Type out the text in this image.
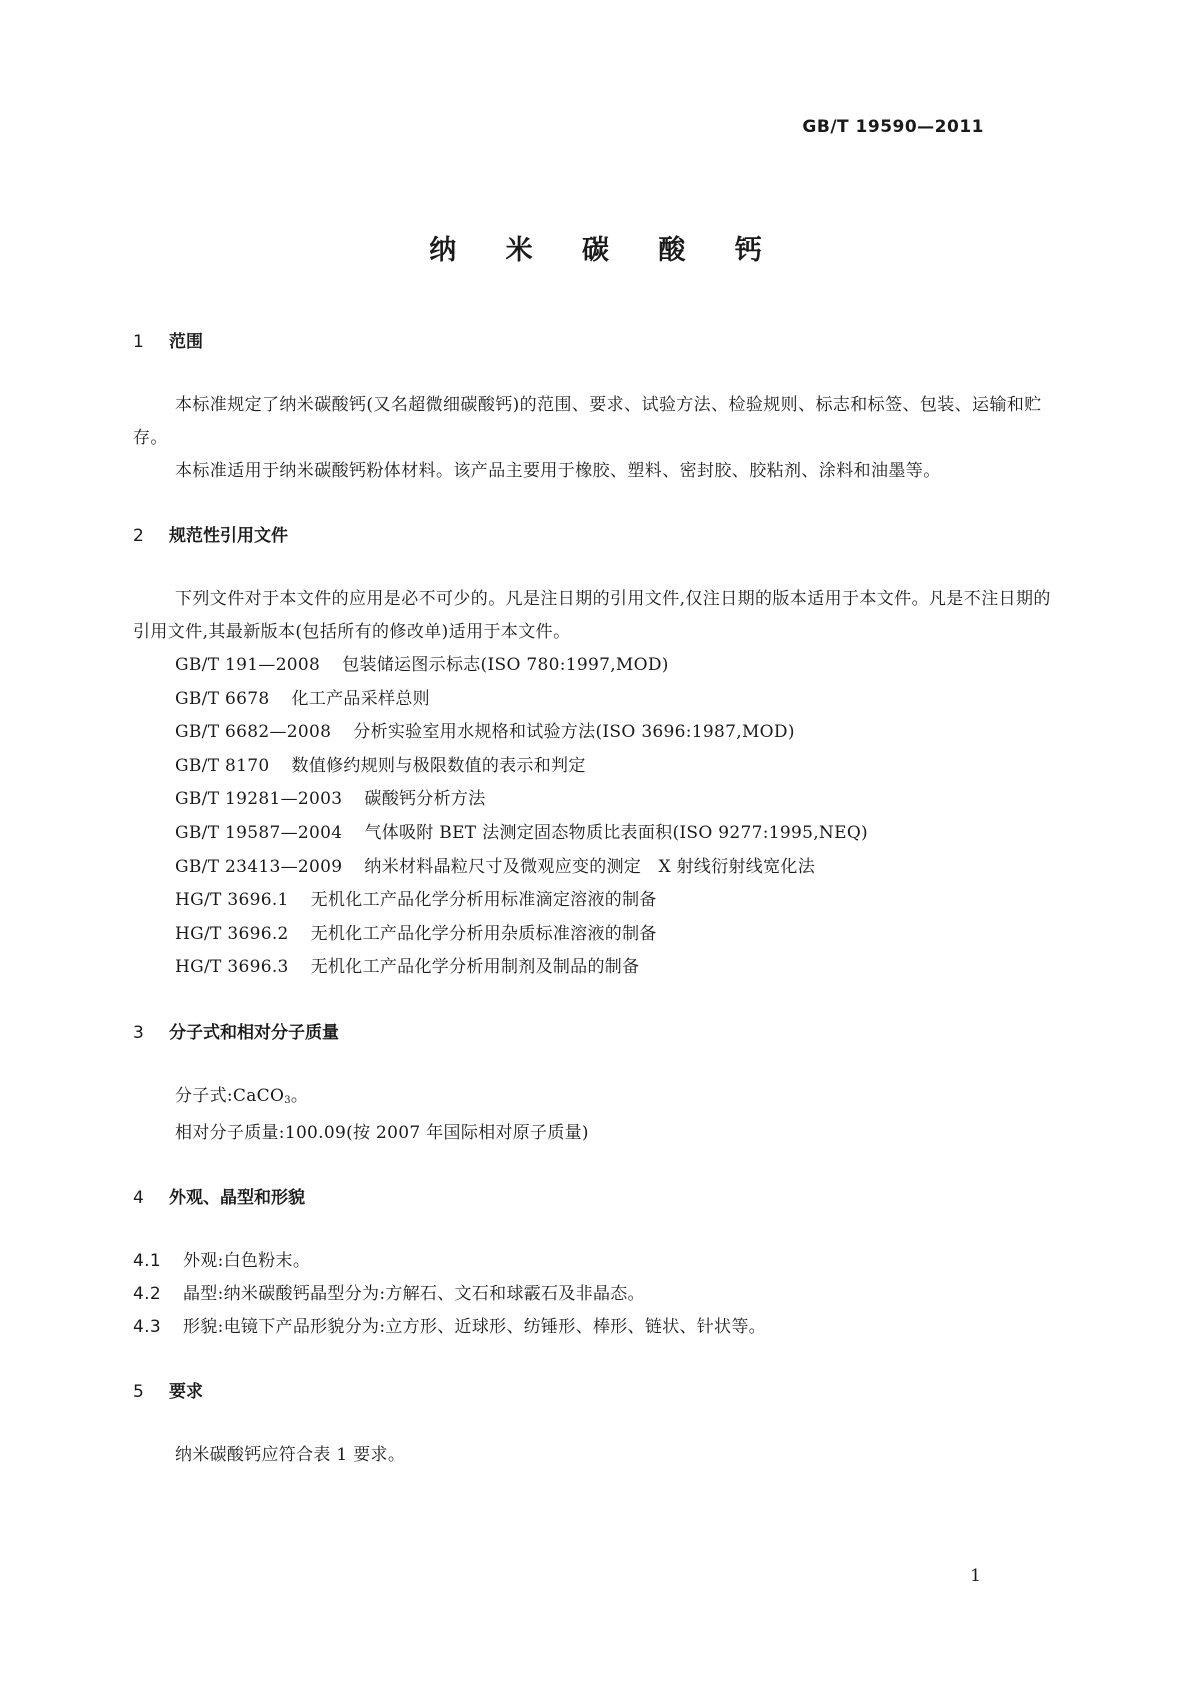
GB/T 19590—2011
纳 米 碳 酸 钙
1 范围

本标准规定了纳米碳酸钙(又名超微细碳酸钙)的范围、要求、试验方法、检验规则、标志和标签、包装、运输和贮存。

本标准适用于纳米碳酸钙粉体材料。该产品主要用于橡胶、塑料、密封胶、胶粘剂、涂料和油墨等。

2 规范性引用文件

下列文件对于本文件的应用是必不可少的。凡是注日期的引用文件,仅注日期的版本适用于本文件。凡是不注日期的引用文件,其最新版本(包括所有的修改单)适用于本文件。

GB/T 191—2008 包装储运图示标志(ISO 780:1997,MOD)

GB/T 6678 化工产品采样总则

GB/T 6682—2008 分析实验室用水规格和试验方法(ISO 3696:1987,MOD)

GB/T 8170 数值修约规则与极限数值的表示和判定

GB/T 19281—2003 碳酸钙分析方法

GB/T 19587—2004 气体吸附 BET 法测定固态物质比表面积(ISO 9277:1995,NEQ)

GB/T 23413—2009 纳米材料晶粒尺寸及微观应变的测定　X 射线衍射线宽化法

HG/T 3696.1 无机化工产品化学分析用标准滴定溶液的制备

HG/T 3696.2 无机化工产品化学分析用杂质标准溶液的制备

HG/T 3696.3 无机化工产品化学分析用制剂及制品的制备

3 分子式和相对分子质量

分子式:CaCO$_3$。

相对分子质量:100.09(按 2007 年国际相对原子质量)

4 外观、晶型和形貌

4.1 外观:白色粉末。

4.2 晶型:纳米碳酸钙晶型分为:方解石、文石和球霰石及非晶态。

4.3 形貌:电镜下产品形貌分为:立方形、近球形、纺锤形、棒形、链状、针状等。

5 要求

纳米碳酸钙应符合表 1 要求。

1
